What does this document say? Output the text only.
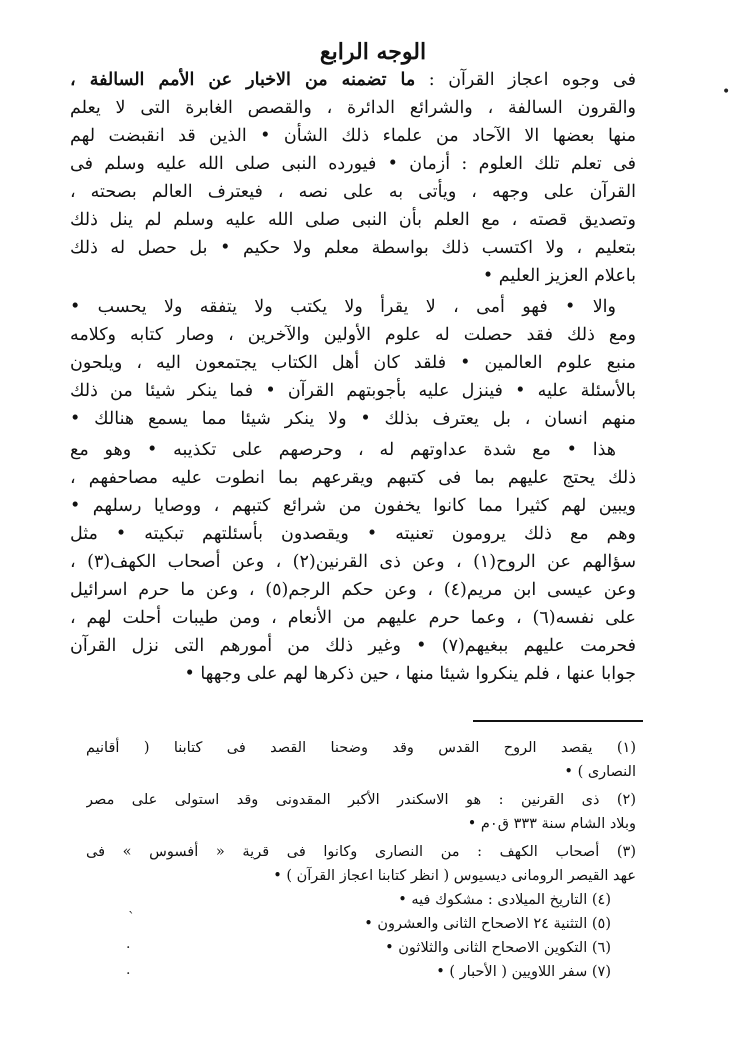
الوجه الرابع
فى وجوه اعجاز القرآن : ما تضمنه من الاخبار عن الأمم السالفة ،
والقرون السالفة ، والشرائع الدائرة ، والقصص الغابرة التى لا يعلم
منها بعضها الا الآحاد من علماء ذلك الشأن • الذين قد انقبضت لهم
فى تعلم تلك العلوم : أزمان • فيورده النبى صلى الله عليه وسلم فى
القرآن على وجهه ، ويأتى به على نصه ، فيعترف العالم بصحته ،
وتصديق قصته ، مع العلم بأن النبى صلى الله عليه وسلم لم ينل ذلك
بتعليم ، ولا اكتسب ذلك بواسطة معلم ولا حكيم • بل حصل له ذلك
باعلام العزيز العليم •
والا • فهو أمى ، لا يقرأ ولا يكتب ولا يتفقه ولا يحسب •
ومع ذلك فقد حصلت له علوم الأولين والآخرين ، وصار كتابه وكلامه
منبع علوم العالمين • فلقد كان أهل الكتاب يجتمعون اليه ، ويلحون
بالأسئلة عليه • فينزل عليه بأجوبتهم القرآن • فما ينكر شيئا من ذلك
منهم انسان ، بل يعترف بذلك • ولا ينكر شيئا مما يسمع هنالك •
هذا • مع شدة عداوتهم له ، وحرصهم على تكذيبه • وهو مع
ذلك يحتج عليهم بما فى كتبهم ويقرعهم بما انطوت عليه مصاحفهم ،
ويبين لهم كثيرا مما كانوا يخفون من شرائع كتبهم ، ووصايا رسلهم •
وهم مع ذلك يرومون تعنيته • ويقصدون بأسئلتهم تبكيته • مثل
سؤالهم عن الروح(١) ، وعن ذى القرنين(٢) ، وعن أصحاب الكهف(٣) ،
وعن عيسى ابن مريم(٤) ، وعن حكم الرجم(٥) ، وعن ما حرم اسرائيل
على نفسه(٦) ، وعما حرم عليهم من الأنعام ، ومن طيبات أحلت لهم ،
فحرمت عليهم ببغيهم(٧) • وغير ذلك من أمورهم التى نزل القرآن
جوابا عنها ، فلم ينكروا شيئا منها ، حين ذكرها لهم على وجهها •
(١) يقصد الروح القدس وقد وضحنا القصد فى كتابنا ( أقانيم
النصارى ) •
(٢) ذى القرنين : هو الاسكندر الأكبر المقدونى وقد استولى على مصر
وبلاد الشام سنة ٣٣٣ ق٠م •
(٣) أصحاب الكهف : من النصارى وكانوا فى قرية « أفسوس » فى
عهد القيصر الرومانى ديسيوس ( انظر كتابنا اعجاز القرآن ) •
(٤) التاريخ الميلادى : مشكوك فيه •
(٥) التثنية ٢٤ الاصحاح الثانى والعشرون •
(٦) التكوين الاصحاح الثانى والثلاثون •
(٧) سفر اللاويين ( الأحبار ) •
•
`
.
.
